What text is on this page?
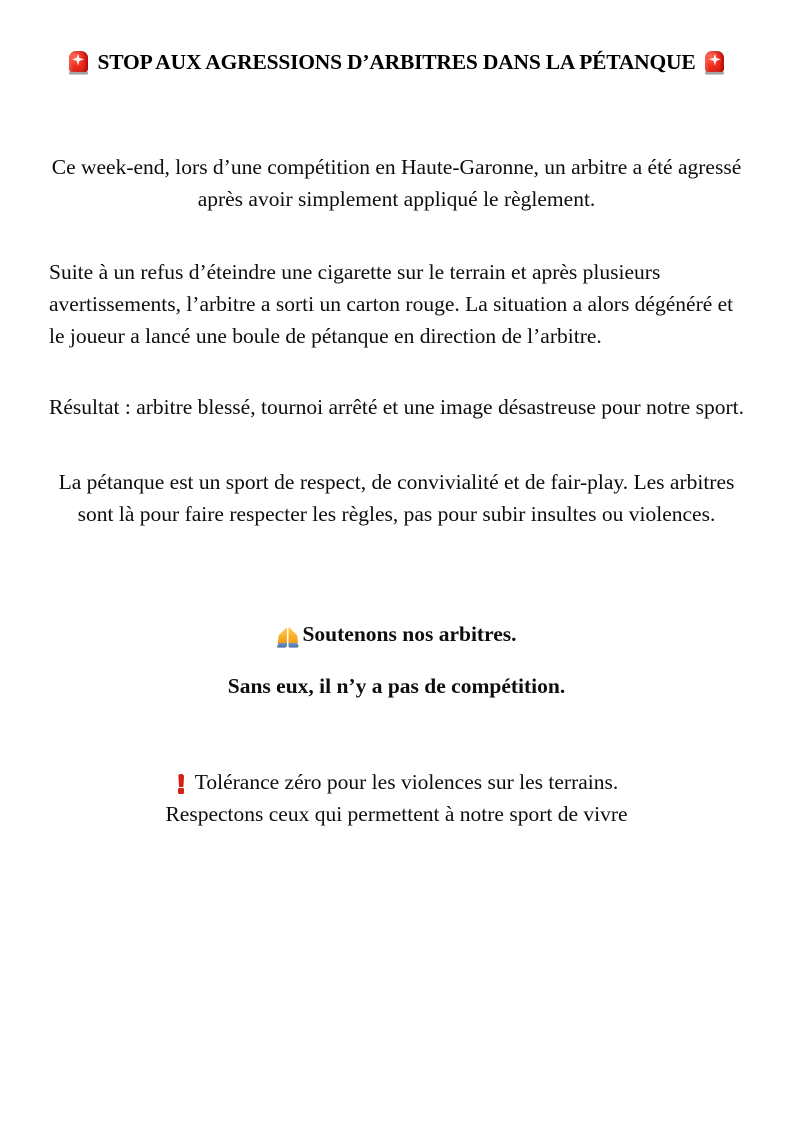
STOP AUX AGRESSIONS D’ARBITRES DANS LA PÉTANQUE

Ce week-end, lors d’une compétition en Haute-Garonne, un arbitre a été agressé après avoir simplement appliqué le règlement.

Suite à un refus d’éteindre une cigarette sur le terrain et après plusieurs avertissements, l’arbitre a sorti un carton rouge. La situation a alors dégénéré et le joueur a lancé une boule de pétanque en direction de l’arbitre.

Résultat : arbitre blessé, tournoi arrêté et une image désastreuse pour notre sport.

La pétanque est un sport de respect, de convivialité et de fair-play. Les arbitres sont là pour faire respecter les règles, pas pour subir insultes ou violences.

Soutenons nos arbitres.

Sans eux, il n’y a pas de compétition.

Tolérance zéro pour les violences sur les terrains.
Respectons ceux qui permettent à notre sport de vivre
